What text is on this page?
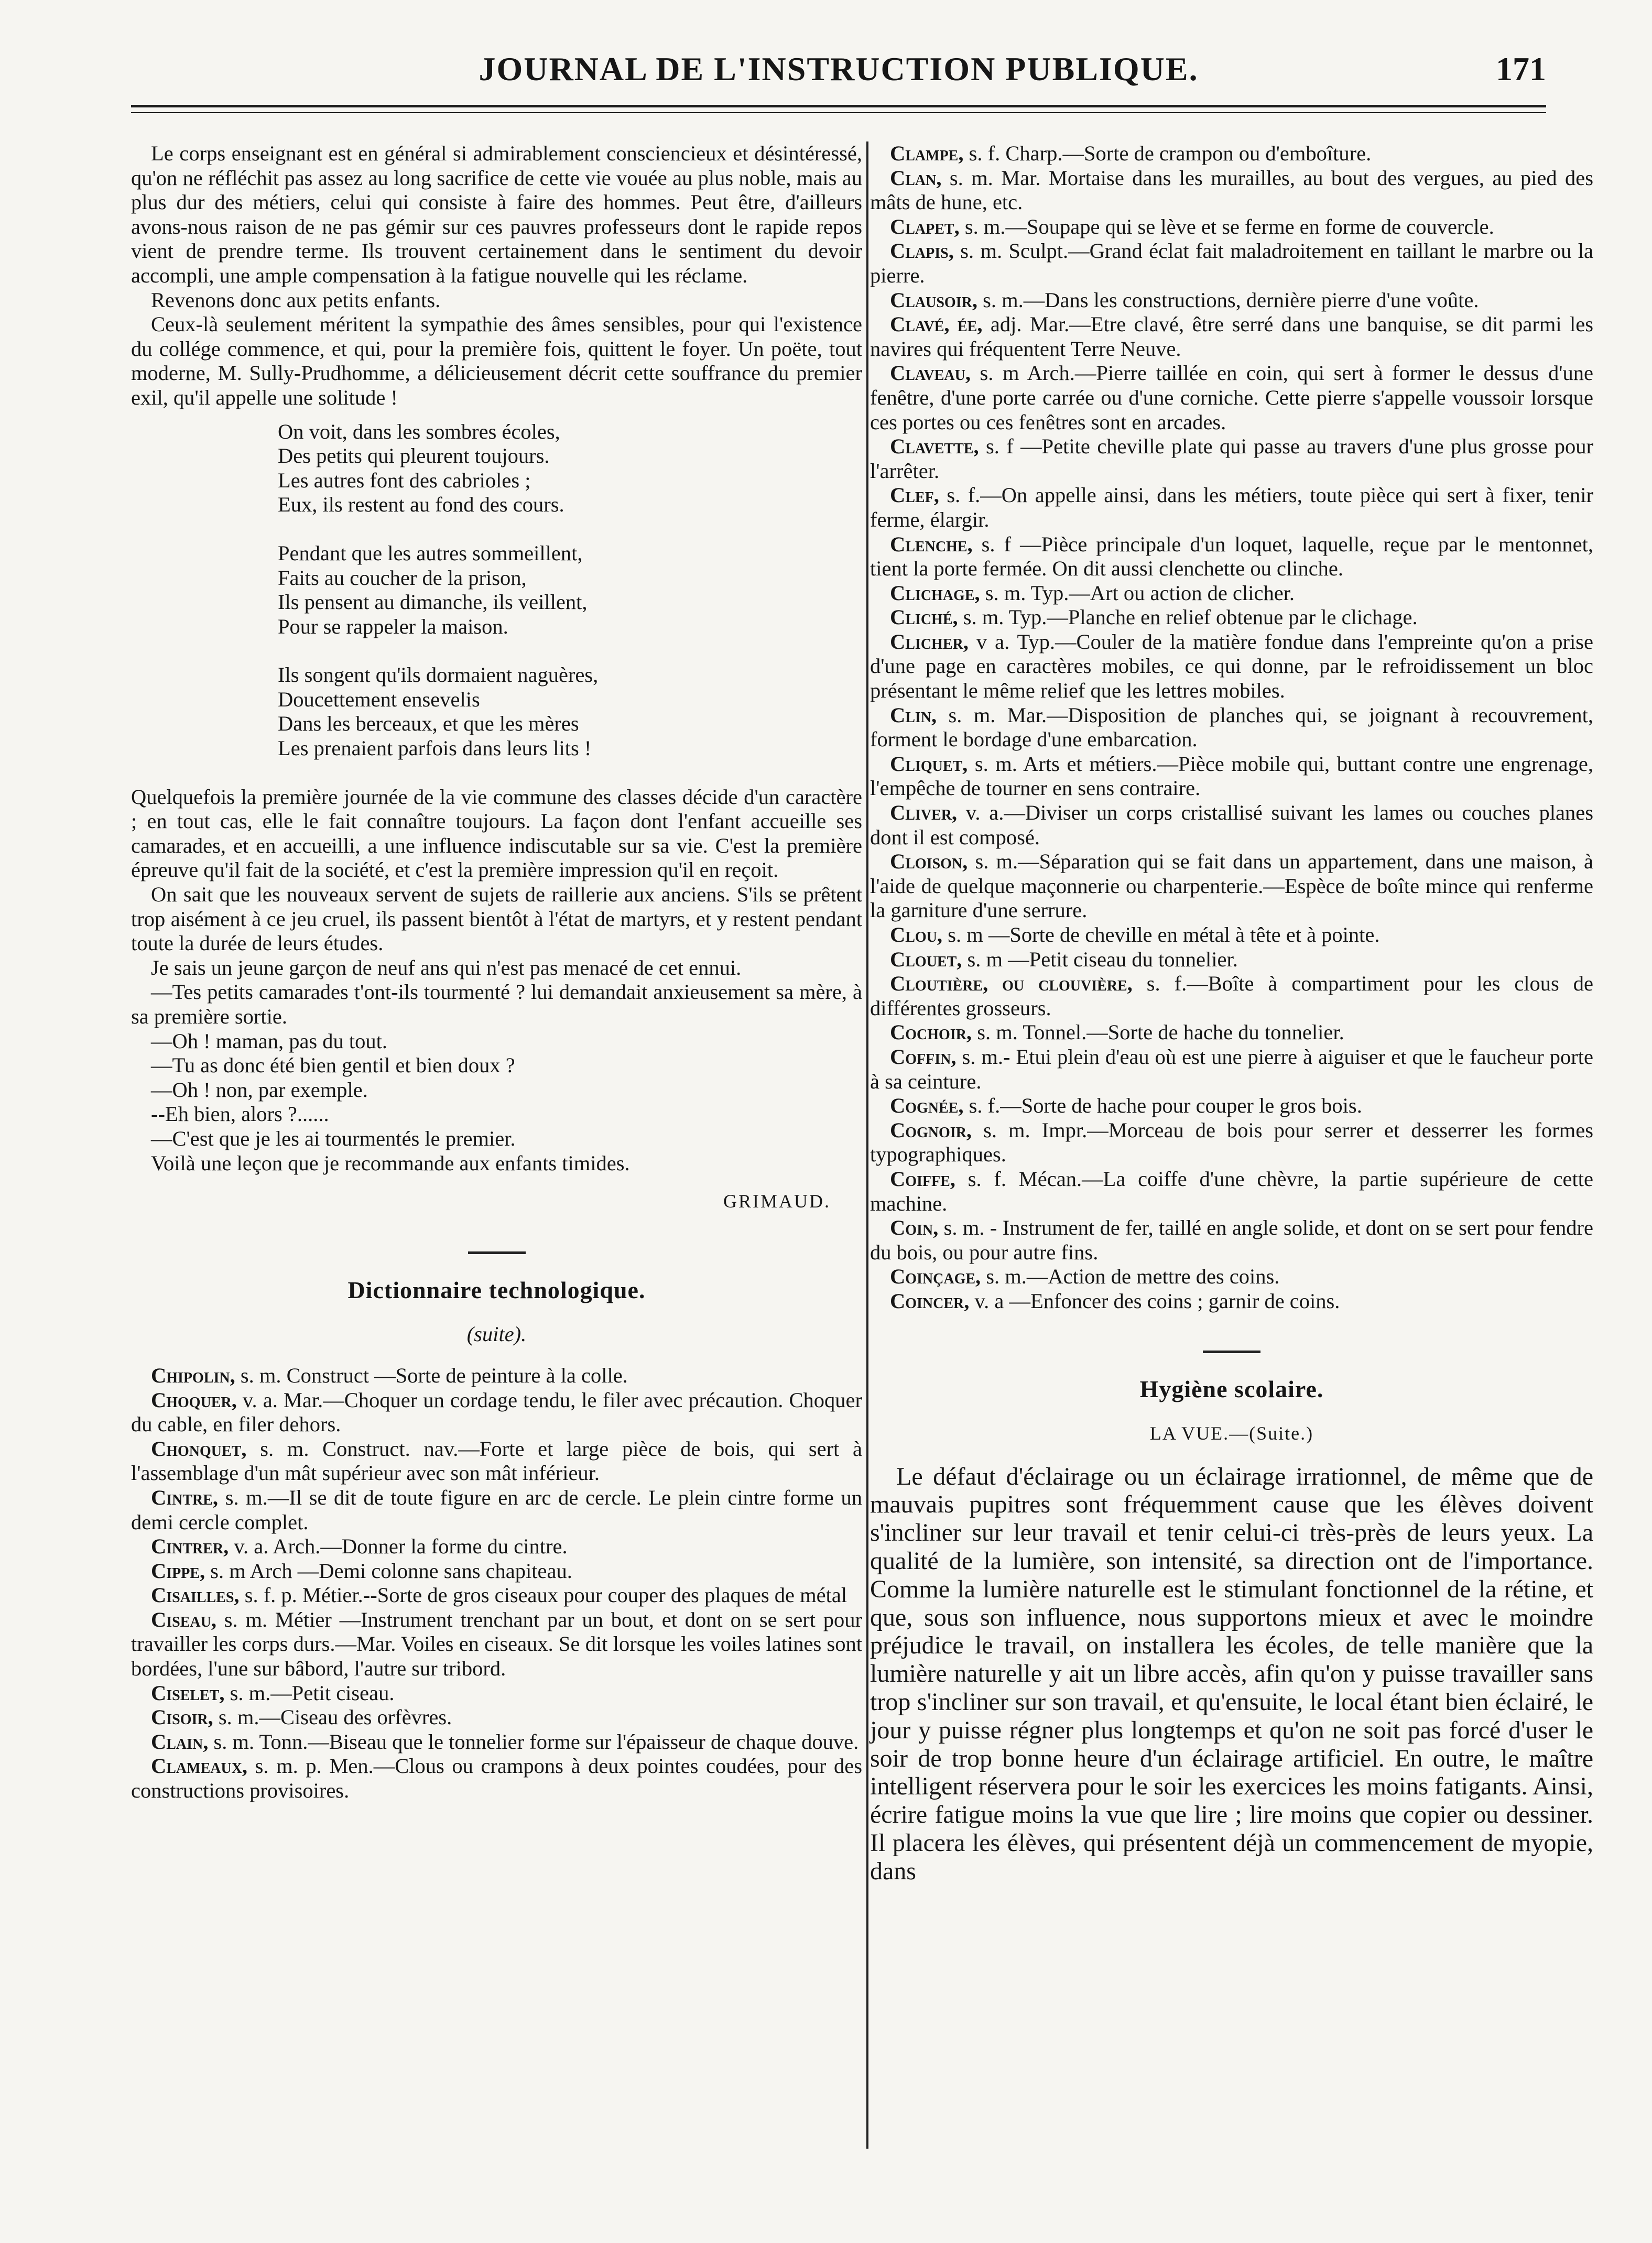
JOURNAL DE L'INSTRUCTION PUBLIQUE.	171

Le corps enseignant est en général si admirablement consciencieux et désintéressé, qu'on ne réfléchit pas assez au long sacrifice de cette vie vouée au plus noble, mais au plus dur des métiers, celui qui consiste à faire des hommes. Peut être, d'ailleurs avons-nous raison de ne pas gémir sur ces pauvres professeurs dont le rapide repos vient de prendre terme. Ils trouvent certainement dans le sentiment du devoir accompli, une ample compensation à la fatigue nouvelle qui les réclame.

Revenons donc aux petits enfants.

Ceux-là seulement méritent la sympathie des âmes sensibles, pour qui l'existence du collége commence, et qui, pour la première fois, quittent le foyer. Un poëte, tout moderne, M. Sully-Prudhomme, a délicieusement décrit cette souffrance du premier exil, qu'il appelle une solitude !

On voit, dans les sombres écoles,
Des petits qui pleurent toujours.
Les autres font des cabrioles ;
Eux, ils restent au fond des cours.
Pendant que les autres sommeillent,
Faits au coucher de la prison,
Ils pensent au dimanche, ils veillent,
Pour se rappeler la maison.
Ils songent qu'ils dormaient naguères,
Doucettement ensevelis
Dans les berceaux, et que les mères
Les prenaient parfois dans leurs lits !

Quelquefois la première journée de la vie commune des classes décide d'un caractère ; en tout cas, elle le fait connaître toujours. La façon dont l'enfant accueille ses camarades, et en accueilli, a une influence indiscutable sur sa vie. C'est la première épreuve qu'il fait de la société, et c'est la première impression qu'il en reçoit.

On sait que les nouveaux servent de sujets de raillerie aux anciens. S'ils se prêtent trop aisément à ce jeu cruel, ils passent bientôt à l'état de martyrs, et y restent pendant toute la durée de leurs études.

Je sais un jeune garçon de neuf ans qui n'est pas menacé de cet ennui.

—Tes petits camarades t'ont-ils tourmenté ? lui demandait anxieusement sa mère, à sa première sortie.

—Oh ! maman, pas du tout.

—Tu as donc été bien gentil et bien doux ?

—Oh ! non, par exemple.

--Eh bien, alors ?......

—C'est que je les ai tourmentés le premier.

Voilà une leçon que je recommande aux enfants timides.

GRIMAUD.

Dictionnaire technologique.
(suite).

Chipolin, s. m. Construct —Sorte de peinture à la colle.

Choquer, v. a. Mar.—Choquer un cordage tendu, le filer avec précaution. Choquer du cable, en filer dehors.

Chonquet, s. m. Construct. nav.—Forte et large pièce de bois, qui sert à l'assemblage d'un mât supérieur avec son mât inférieur.

Cintre, s. m.—Il se dit de toute figure en arc de cercle. Le plein cintre forme un demi cercle complet.

Cintrer, v. a. Arch.—Donner la forme du cintre.

Cippe, s. m Arch —Demi colonne sans chapiteau.

Cisailles, s. f. p. Métier.--Sorte de gros ciseaux pour couper des plaques de métal

Ciseau, s. m. Métier —Instrument trenchant par un bout, et dont on se sert pour travailler les corps durs.—Mar. Voiles en ciseaux. Se dit lorsque les voiles latines sont bordées, l'une sur bâbord, l'autre sur tribord.

Ciselet, s. m.—Petit ciseau.

Cisoir, s. m.—Ciseau des orfèvres.

Clain, s. m. Tonn.—Biseau que le tonnelier forme sur l'épaisseur de chaque douve.

Clameaux, s. m. p. Men.—Clous ou crampons à deux pointes coudées, pour des constructions provisoires.

Clampe, s. f. Charp.—Sorte de crampon ou d'emboîture.

Clan, s. m. Mar. Mortaise dans les murailles, au bout des vergues, au pied des mâts de hune, etc.

Clapet, s. m.—Soupape qui se lève et se ferme en forme de couvercle.

Clapis, s. m. Sculpt.—Grand éclat fait maladroitement en taillant le marbre ou la pierre.

Clausoir, s. m.—Dans les constructions, dernière pierre d'une voûte.

Clavé, ée, adj. Mar.—Etre clavé, être serré dans une banquise, se dit parmi les navires qui fréquentent Terre Neuve.

Claveau, s. m Arch.—Pierre taillée en coin, qui sert à former le dessus d'une fenêtre, d'une porte carrée ou d'une corniche. Cette pierre s'appelle voussoir lorsque ces portes ou ces fenêtres sont en arcades.

Clavette, s. f —Petite cheville plate qui passe au travers d'une plus grosse pour l'arrêter.

Clef, s. f.—On appelle ainsi, dans les métiers, toute pièce qui sert à fixer, tenir ferme, élargir.

Clenche, s. f —Pièce principale d'un loquet, laquelle, reçue par le mentonnet, tient la porte fermée. On dit aussi clenchette ou clinche.

Clichage, s. m. Typ.—Art ou action de clicher.

Cliché, s. m. Typ.—Planche en relief obtenue par le clichage.

Clicher, v a. Typ.—Couler de la matière fondue dans l'empreinte qu'on a prise d'une page en caractères mobiles, ce qui donne, par le refroidissement un bloc présentant le même relief que les lettres mobiles.

Clin, s. m. Mar.—Disposition de planches qui, se joignant à recouvrement, forment le bordage d'une embarcation.

Cliquet, s. m. Arts et métiers.—Pièce mobile qui, buttant contre une engrenage, l'empêche de tourner en sens contraire.

Cliver, v. a.—Diviser un corps cristallisé suivant les lames ou couches planes dont il est composé.

Cloison, s. m.—Séparation qui se fait dans un appartement, dans une maison, à l'aide de quelque maçonnerie ou charpenterie.—Espèce de boîte mince qui renferme la garniture d'une serrure.

Clou, s. m —Sorte de cheville en métal à tête et à pointe.

Clouet, s. m —Petit ciseau du tonnelier.

Cloutière, ou clouvière, s. f.—Boîte à compartiment pour les clous de différentes grosseurs.

Cochoir, s. m. Tonnel.—Sorte de hache du tonnelier.

Coffin, s. m.- Etui plein d'eau où est une pierre à aiguiser et que le faucheur porte à sa ceinture.

Cognée, s. f.—Sorte de hache pour couper le gros bois.

Cognoir, s. m. Impr.—Morceau de bois pour serrer et desserrer les formes typographiques.

Coiffe, s. f. Mécan.—La coiffe d'une chèvre, la partie supérieure de cette machine.

Coin, s. m. - Instrument de fer, taillé en angle solide, et dont on se sert pour fendre du bois, ou pour autre fins.

Coinçage, s. m.—Action de mettre des coins.

Coincer, v. a —Enfoncer des coins ; garnir de coins.

Hygiène scolaire.
LA VUE.—(Suite.)

Le défaut d'éclairage ou un éclairage irrationnel, de même que de mauvais pupitres sont fréquemment cause que les élèves doivent s'incliner sur leur travail et tenir celui-ci très-près de leurs yeux. La qualité de la lumière, son intensité, sa direction ont de l'importance. Comme la lumière naturelle est le stimulant fonctionnel de la rétine, et que, sous son influence, nous supportons mieux et avec le moindre préjudice le travail, on installera les écoles, de telle manière que la lumière naturelle y ait un libre accès, afin qu'on y puisse travailler sans trop s'incliner sur son travail, et qu'ensuite, le local étant bien éclairé, le jour y puisse régner plus longtemps et qu'on ne soit pas forcé d'user le soir de trop bonne heure d'un éclairage artificiel. En outre, le maître intelligent réservera pour le soir les exercices les moins fatigants. Ainsi, écrire fatigue moins la vue que lire ; lire moins que copier ou dessiner. Il placera les élèves, qui présentent déjà un commencement de myopie, dans
